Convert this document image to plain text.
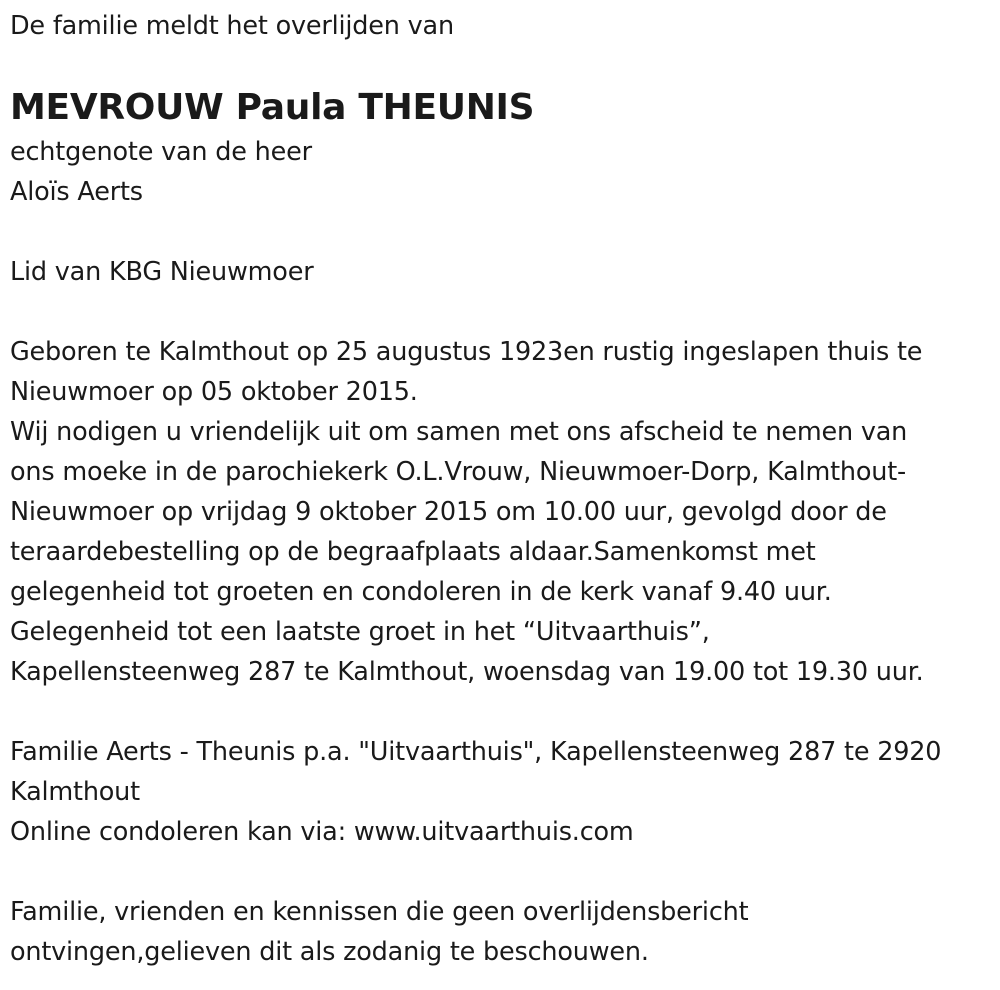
De familie meldt het overlijden van
MEVROUW Paula THEUNIS
echtgenote van de heer
Aloïs Aerts
Lid van KBG Nieuwmoer
Geboren te Kalmthout op 25 augustus 1923en rustig ingeslapen thuis te
Nieuwmoer op 05 oktober 2015.
Wij nodigen u vriendelijk uit om samen met ons afscheid te nemen van
ons moeke in de parochiekerk O.L.Vrouw, Nieuwmoer-Dorp, Kalmthout-
Nieuwmoer op vrijdag 9 oktober 2015 om 10.00 uur, gevolgd door de
teraardebestelling op de begraafplaats aldaar.Samenkomst met
gelegenheid tot groeten en condoleren in de kerk vanaf 9.40 uur.
Gelegenheid tot een laatste groet in het “Uitvaarthuis”,
Kapellensteenweg 287 te Kalmthout, woensdag van 19.00 tot 19.30 uur.
Familie Aerts - Theunis p.a. "Uitvaarthuis", Kapellensteenweg 287 te 2920
Kalmthout
Online condoleren kan via: www.uitvaarthuis.com
Familie, vrienden en kennissen die geen overlijdensbericht
ontvingen,gelieven dit als zodanig te beschouwen.
